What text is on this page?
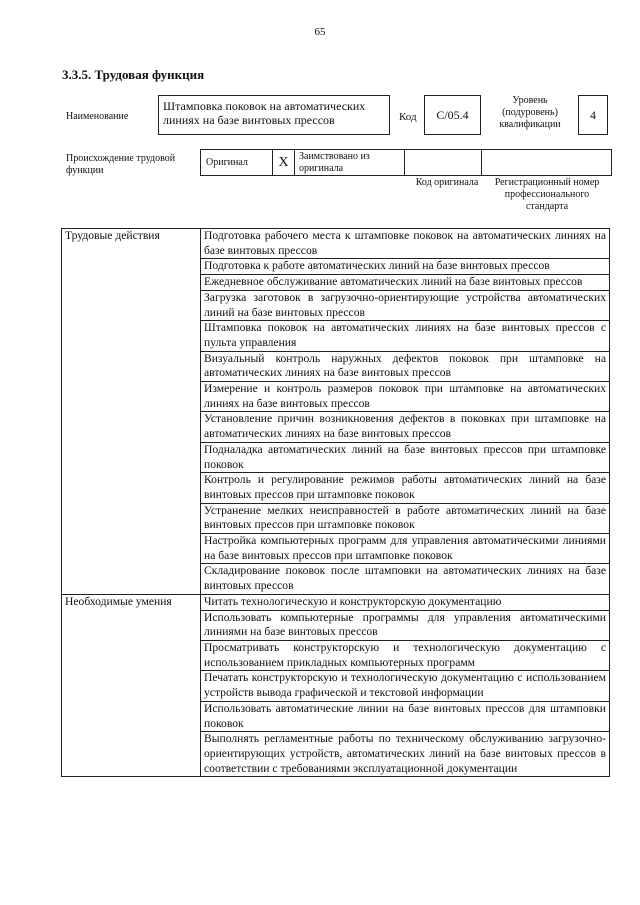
65
3.3.5. Трудовая функция
Наименование
Штамповка поковок на автоматических линиях на базе винтовых прессов	Код	C/05.4
Уровень (подуровень) квалификации
4
Происхождение трудовой функции
Оригинал	X	Заимствовано из оригинала
Код оригинала	Регистрационный номер профессионального стандарта
Трудовые действия	Подготовка рабочего места к штамповке поковок на автоматических линиях на базе винтовых прессов
	Подготовка к работе автоматических линий на базе винтовых прессов
	Ежедневное обслуживание автоматических линий на базе винтовых прессов
	Загрузка заготовок в загрузочно-ориентирующие устройства автоматических линий на базе винтовых прессов
	Штамповка поковок на автоматических линиях на базе винтовых прессов с пульта управления
	Визуальный контроль наружных дефектов поковок при штамповке на автоматических линиях на базе винтовых прессов
	Измерение и контроль размеров поковок при штамповке на автоматических линиях на базе винтовых прессов
	Установление причин возникновения дефектов в поковках при штамповке на автоматических линиях на базе винтовых прессов
	Подналадка автоматических линий на базе винтовых прессов при штамповке поковок
	Контроль и регулирование режимов работы автоматических линий на базе винтовых прессов при штамповке поковок
	Устранение мелких неисправностей в работе автоматических линий на базе винтовых прессов при штамповке поковок
	Настройка компьютерных программ для управления автоматическими линиями на базе винтовых прессов при штамповке поковок
	Складирование поковок после штамповки на автоматических линиях на базе винтовых прессов
Необходимые умения	Читать технологическую и конструкторскую документацию
	Использовать компьютерные программы для управления автоматическими линиями на базе винтовых прессов
	Просматривать конструкторскую и технологическую документацию с использованием прикладных компьютерных программ
	Печатать конструкторскую и технологическую документацию с использованием устройств вывода графической и текстовой информации
	Использовать автоматические линии на базе винтовых прессов для штамповки поковок
	Выполнять регламентные работы по техническому обслуживанию загрузочно-ориентирующих устройств, автоматических линий на базе винтовых прессов в соответствии с требованиями эксплуатационной документации
